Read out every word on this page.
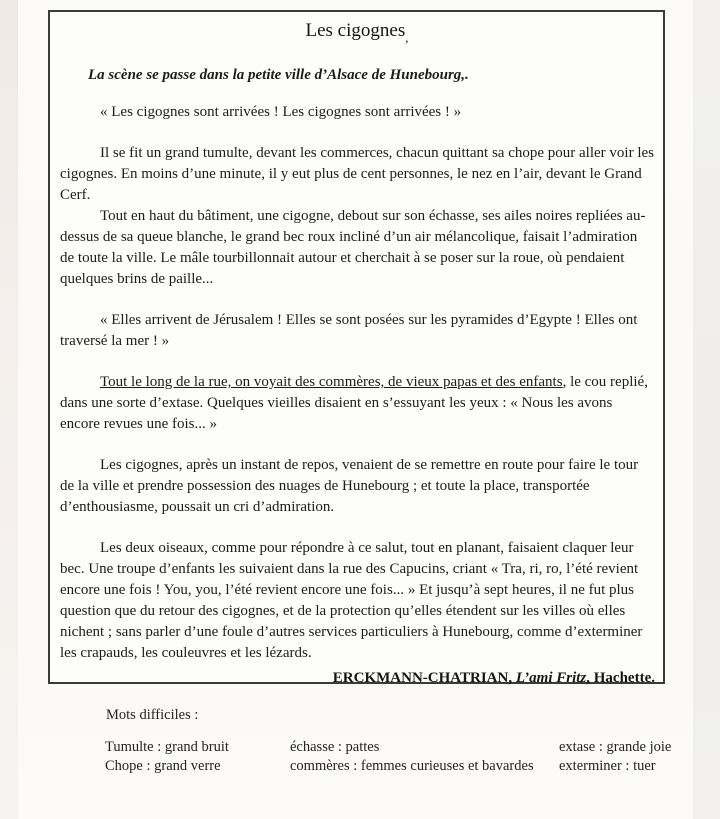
Les cigognes$_,$
La scène se passe dans la petite ville d’Alsace de Hunebourg,.

« Les cigognes sont arrivées ! Les cigognes sont arrivées ! »

Il se fit un grand tumulte, devant les commerces, chacun quittant sa chope pour aller voir les cigognes. En moins d’une minute, il y eut plus de cent personnes, le nez en l’air, devant le Grand Cerf.

Tout en haut du bâtiment, une cigogne, debout sur son échasse, ses ailes noires repliées au-dessus de sa queue blanche, le grand bec roux incliné d’un air mélancolique, faisait l’admiration de toute la ville. Le mâle tourbillonnait autour et cherchait à se poser sur la roue, où pendaient quelques brins de paille...

« Elles arrivent de Jérusalem ! Elles se sont posées sur les pyramides d’Egypte ! Elles ont traversé la mer ! »

Tout le long de la rue, on voyait des commères, de vieux papas et des enfants, le cou replié, dans une sorte d’extase. Quelques vieilles disaient en s’essuyant les yeux : « Nous les avons encore revues une fois... »

Les cigognes, après un instant de repos, venaient de se remettre en route pour faire le tour de la ville et prendre possession des nuages de Hunebourg ; et toute la place, transportée d’enthousiasme, poussait un cri d’admiration.

Les deux oiseaux, comme pour répondre à ce salut, tout en planant, faisaient claquer leur bec. Une troupe d’enfants les suivaient dans la rue des Capucins, criant « Tra, ri, ro, l’été revient encore une fois ! You, you, l’été revient encore une fois... » Et jusqu’à sept heures, il ne fut plus question que du retour des cigognes, et de la protection qu’elles étendent sur les villes où elles nichent ; sans parler d’une foule d’autres services particuliers à Hunebourg, comme d’exterminer les crapauds, les couleuvres et les lézards.

ERCKMANN-CHATRIAN, L’ami Fritz, Hachette.
Mots difficiles :
Tumulte : grand bruit
Chope : grand verre
échasse : pattes
commères : femmes curieuses et bavardes
extase : grande joie
exterminer : tuer
